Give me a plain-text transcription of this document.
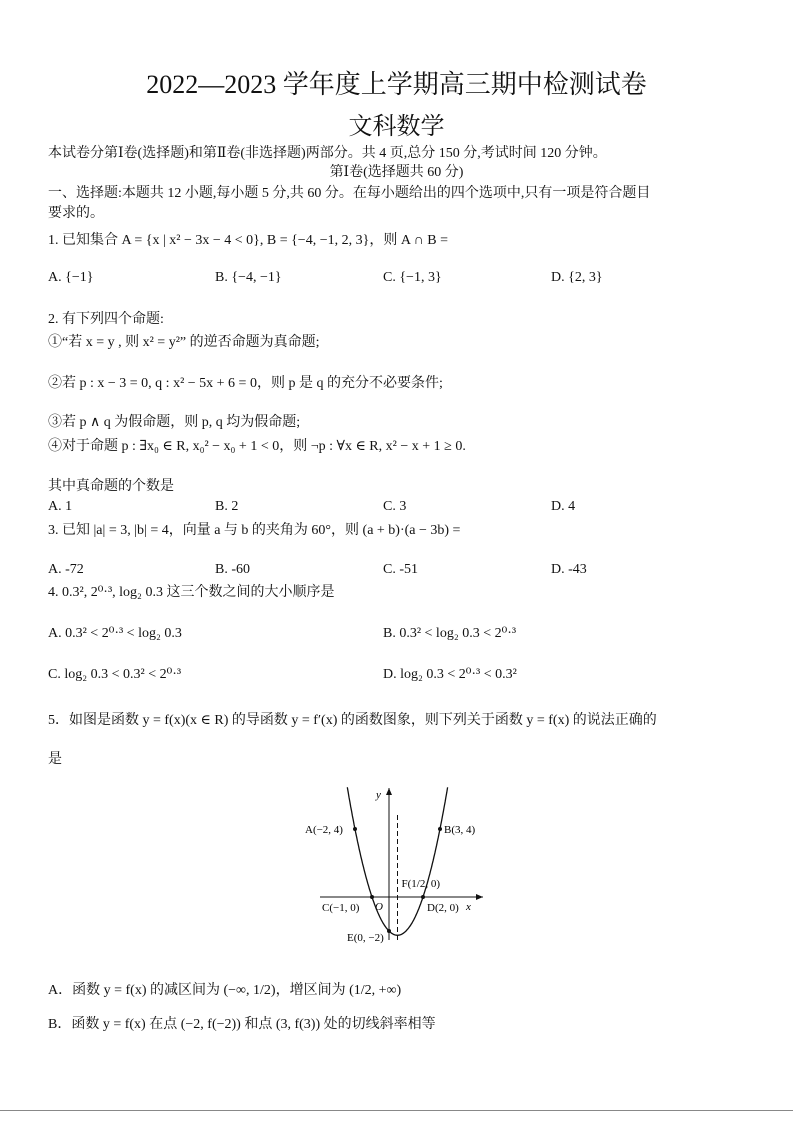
2022—2023 学年度上学期高三期中检测试卷
文科数学
本试卷分第Ⅰ卷(选择题)和第Ⅱ卷(非选择题)两部分。共 4 页,总分 150 分,考试时间 120 分钟。
第Ⅰ卷(选择题共 60 分)
一、选择题:本题共 12 小题,每小题 5 分,共 60 分。在每小题给出的四个选项中,只有一项是符合题目
要求的。
1. 已知集合 A = {x | x² − 3x − 4 < 0}, B = {−4, −1, 2, 3}，则 A ∩ B =
A. {−1}	B. {−4, −1}	C. {−1, 3}	D. {2, 3}
2. 有下列四个命题:
①“若 x = y , 则 x² = y²” 的逆否命题为真命题;
②若 p : x − 3 = 0, q : x² − 5x + 6 = 0，则 p 是 q 的充分不必要条件;
③若 p ∧ q 为假命题，则 p, q 均为假命题;
④对于命题 p : ∃x₀ ∈ R, x₀² − x₀ + 1 < 0，则 ¬p : ∀x ∈ R, x² − x + 1 ≥ 0.
其中真命题的个数是
A. 1	B. 2	C. 3	D. 4
3. 已知 |a| = 3, |b| = 4，向量 a 与 b 的夹角为 60°，则 (a + b)·(a − 3b) =
A. -72	B. -60	C. -51	D. -43
4. 0.3², 2⁰·³, log₂ 0.3 这三个数之间的大小顺序是
A. 0.3² < 2⁰·³ < log₂ 0.3	B. 0.3² < log₂ 0.3 < 2⁰·³
C. log₂ 0.3 < 0.3² < 2⁰·³	D. log₂ 0.3 < 2⁰·³ < 0.3²
5．如图是函数 y = f(x)(x ∈ R) 的导函数 y = f′(x) 的函数图象，则下列关于函数 y = f(x) 的说法正确的
是
x
y
O
A(−2, 4)	B(3, 4)
C(−1, 0)	D(2, 0)
E(0, −2)
F(1/2, 0)
A．函数 y = f(x) 的减区间为 (−∞, 1/2)，增区间为 (1/2, +∞)
B．函数 y = f(x) 在点 (−2, f(−2)) 和点 (3, f(3)) 处的切线斜率相等
